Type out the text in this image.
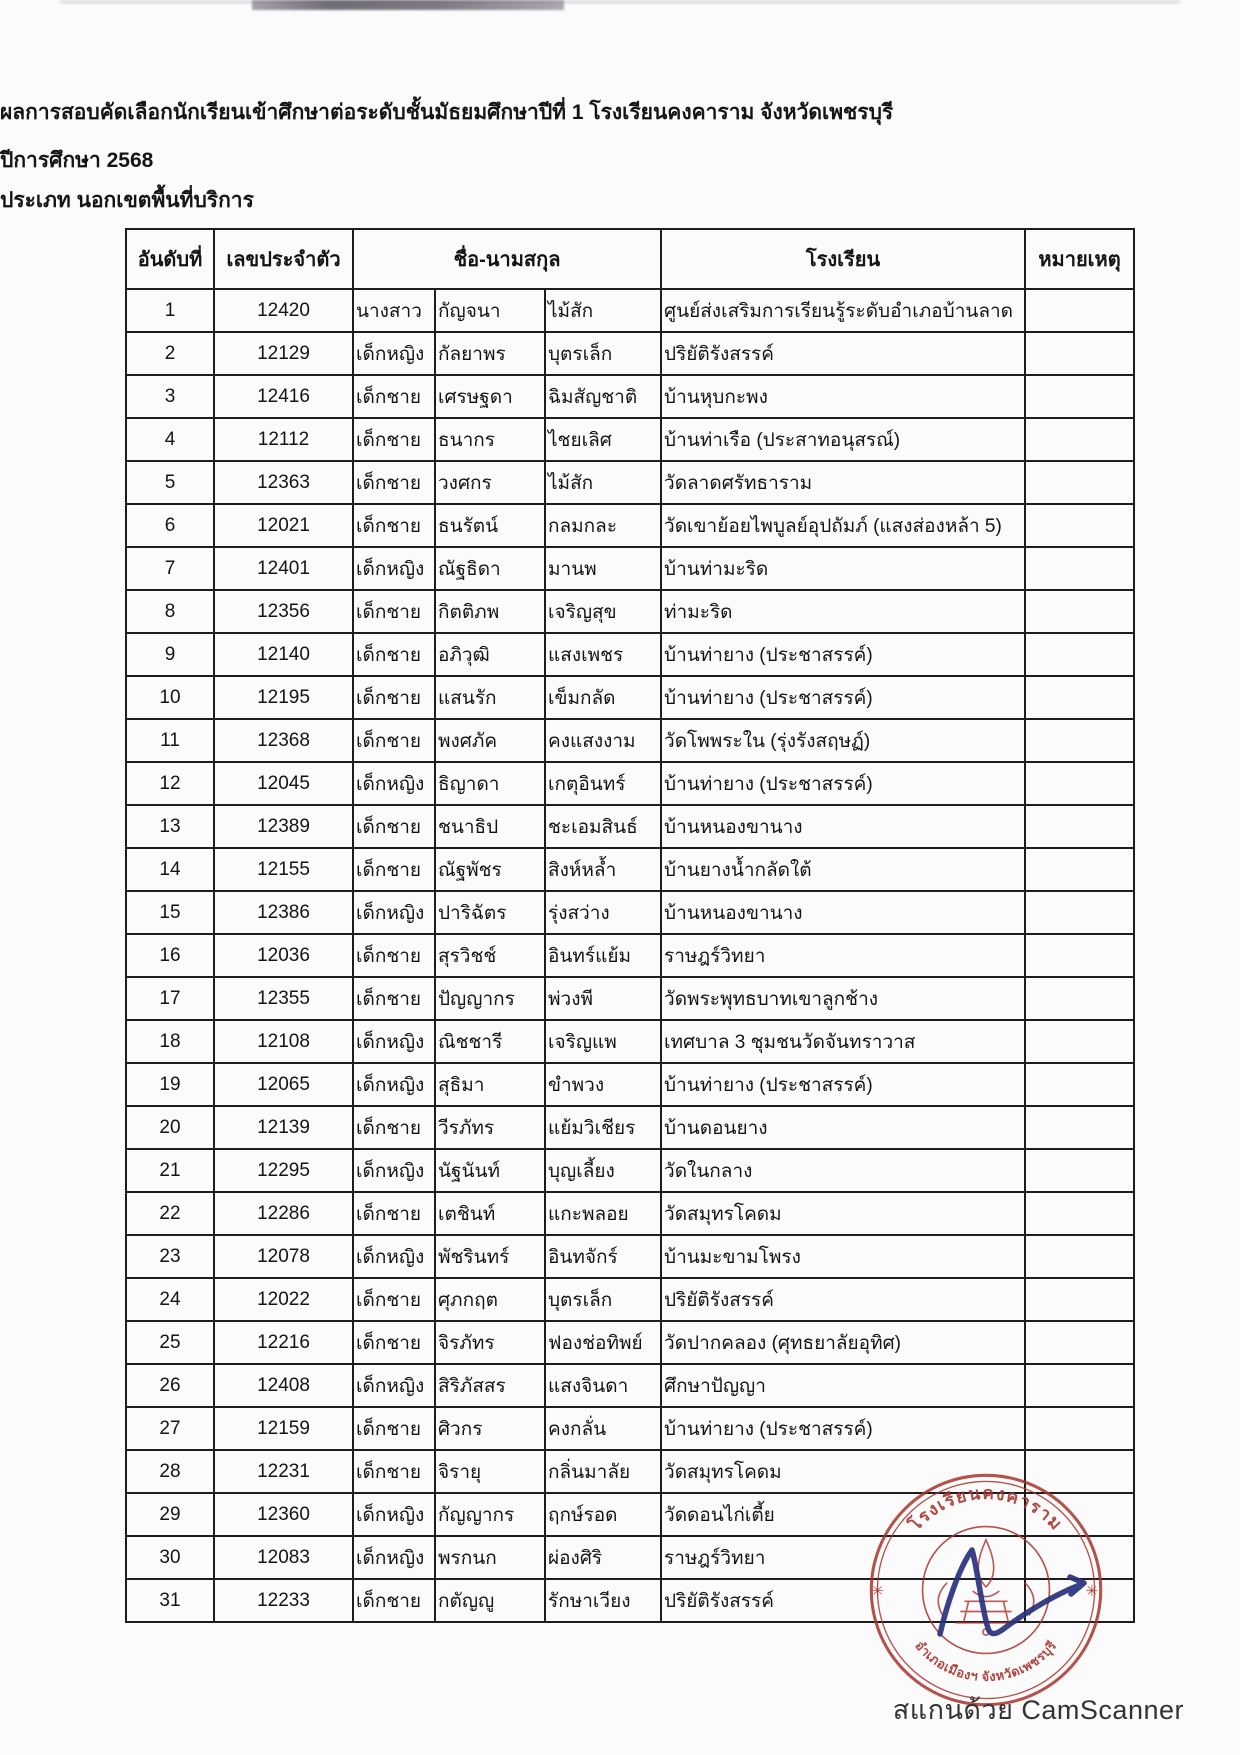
ผลการสอบคัดเลือกนักเรียนเข้าศึกษาต่อระดับชั้นมัธยมศึกษาปีที่ 1 โรงเรียนคงคาราม จังหวัดเพชรบุรี
ปีการศึกษา 2568
ประเภท นอกเขตพื้นที่บริการ
อันดับที่	เลขประจำตัว	ชื่อ-นามสกุล			โรงเรียน	หมายเหตุ
1	12420	นางสาว	กัญจนา	ไม้สัก	ศูนย์ส่งเสริมการเรียนรู้ระดับอำเภอบ้านลาด	
2	12129	เด็กหญิง	กัลยาพร	บุตรเล็ก	ปริยัติรังสรรค์	
3	12416	เด็กชาย	เศรษฐดา	ฉิมสัญชาติ	บ้านหุบกะพง	
4	12112	เด็กชาย	ธนากร	ไชยเลิศ	บ้านท่าเรือ (ประสาทอนุสรณ์)	
5	12363	เด็กชาย	วงศกร	ไม้สัก	วัดลาดศรัทธาราม	
6	12021	เด็กชาย	ธนรัตน์	กลมกละ	วัดเขาย้อยไพบูลย์อุปถัมภ์ (แสงส่องหล้า 5)	
7	12401	เด็กหญิง	ณัฐธิดา	มานพ	บ้านท่ามะริด	
8	12356	เด็กชาย	กิตติภพ	เจริญสุข	ท่ามะริด	
9	12140	เด็กชาย	อภิวุฒิ	แสงเพชร	บ้านท่ายาง (ประชาสรรค์)	
10	12195	เด็กชาย	แสนรัก	เข็มกลัด	บ้านท่ายาง (ประชาสรรค์)	
11	12368	เด็กชาย	พงศภัค	คงแสงงาม	วัดโพพระใน (รุ่งรังสฤษฏ์)	
12	12045	เด็กหญิง	ธิญาดา	เกตุอินทร์	บ้านท่ายาง (ประชาสรรค์)	
13	12389	เด็กชาย	ชนาธิป	ชะเอมสินธ์	บ้านหนองขานาง	
14	12155	เด็กชาย	ณัฐพัชร	สิงห์หล้ำ	บ้านยางน้ำกลัดใต้	
15	12386	เด็กหญิง	ปาริฉัตร	รุ่งสว่าง	บ้านหนองขานาง	
16	12036	เด็กชาย	สุรวิชช์	อินทร์แย้ม	ราษฎร์วิทยา	
17	12355	เด็กชาย	ปัญญากร	พ่วงพี	วัดพระพุทธบาทเขาลูกช้าง	
18	12108	เด็กหญิง	ณิชชารี	เจริญแพ	เทศบาล 3 ชุมชนวัดจันทราวาส	
19	12065	เด็กหญิง	สุธิมา	ขำพวง	บ้านท่ายาง (ประชาสรรค์)	
20	12139	เด็กชาย	วีรภัทร	แย้มวิเชียร	บ้านดอนยาง	
21	12295	เด็กหญิง	นัฐนันท์	บุญเลี้ยง	วัดในกลาง	
22	12286	เด็กชาย	เตชินท์	แกะพลอย	วัดสมุทรโคดม	
23	12078	เด็กหญิง	พัชรินทร์	อินทจักร์	บ้านมะขามโพรง	
24	12022	เด็กชาย	ศุภกฤต	บุตรเล็ก	ปริยัติรังสรรค์	
25	12216	เด็กชาย	จิรภัทร	ฟองช่อทิพย์	วัดปากคลอง (ศุทธยาลัยอุทิศ)	
26	12408	เด็กหญิง	สิริภัสสร	แสงจินดา	ศึกษาปัญญา	
27	12159	เด็กชาย	ศิวกร	คงกลั่น	บ้านท่ายาง (ประชาสรรค์)	
28	12231	เด็กชาย	จิรายุ	กลิ่นมาลัย	วัดสมุทรโคดม	
29	12360	เด็กหญิง	กัญญากร	ฤกษ์รอด	วัดดอนไก่เตี้ย	
30	12083	เด็กหญิง	พรกนก	ผ่องศิริ	ราษฎร์วิทยา	
31	12233	เด็กชาย	กตัญญู	รักษาเวียง	ปริยัติรังสรรค์	
โรงเรียนคงคาราม
อำเภอเมืองฯ จังหวัดเพชรบุรี
✳	✳
สแกนด้วย CamScanner
